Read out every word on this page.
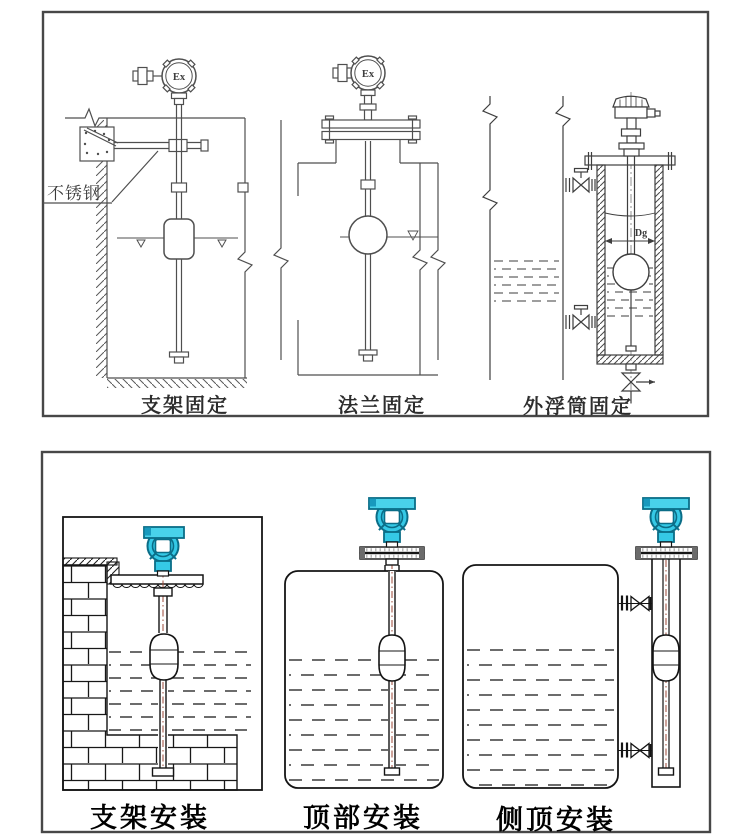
不锈钢
Ex	Ex
Dg
支架固定	法兰固定	外浮筒固定
支架安装	顶部安装	侧顶安装
